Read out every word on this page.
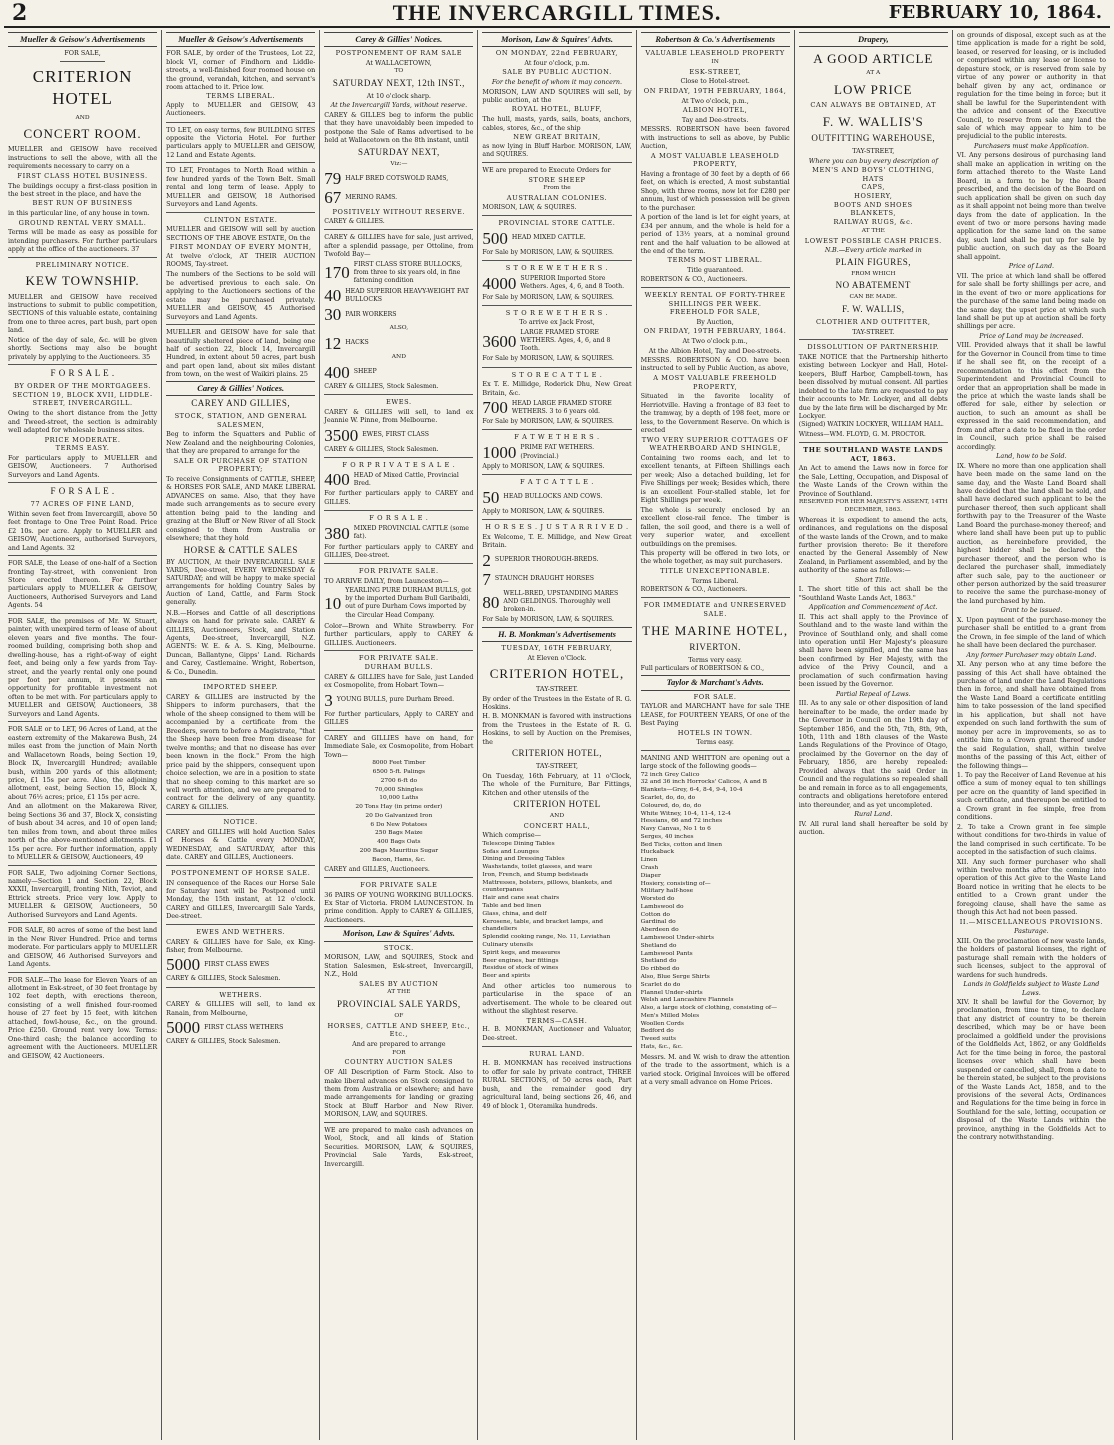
2	THE INVERCARGILL TIMES.	FEBRUARY 10, 1864.
Mueller & Geisow's Advertisements
FOR SALE,
CRITERION HOTEL
AND
CONCERT ROOM.

MUELLER and GEISOW have received instructions to sell the above, with all the requirements necessary to carry on a

FIRST CLASS HOTEL BUSINESS.

The buildings occupy a first-class position in the best street in the place, and have the

BEST RUN OF BUSINESS

in this particular line, of any house in town.

GROUND RENTAL VERY SMALL.

Terms will be made as easy as possible for intending purchasers. For further particulars apply at the office of the auctioneers. 37

PRELIMINARY NOTICE.
KEW TOWNSHIP.

MUELLER and GEISOW have received instructions to submit to public competition, SECTIONS of this valuable estate, containing from one to three acres, part bush, part open land.

Notice of the day of sale, &c. will be given shortly. Sections may also be bought privately by applying to the Auctioneers. 35

F O R S A L E .
BY ORDER OF THE MORTGAGEES.
SECTION 19, BLOCK XVII, LIDDLE-STREET, INVERCARGILL.

Owing to the short distance from the Jetty and Tweed-street, the section is admirably well adapted for wholesale business sites.

PRICE MODERATE.
TERMS EASY.

For particulars apply to MUELLER and GEISOW, Auctioneers. 7 Authorised Surveyors and Land Agents.

F O R S A L E .
77 ACRES OF FINE LAND,

Within seven feet from Invercargill, above 50 feet frontage to One Tree Point Road. Price £2 10s. per acre. Apply to MUELLER and GEISOW, Auctioneers, authorised Surveyors, and Land Agents. 32

FOR SALE, the Lease of one-half of a Section fronting Tay-street, with convenient Iron Store erected thereon. For further particulars apply to MUELLER & GEISOW, Auctioneers, Authorised Surveyors and Land Agents. 54

FOR SALE, the premises of Mr. W. Stuart, painter, with unexpired term of lease of about eleven years and five months. The four-roomed building, comprising both shop and dwelling-house, has a right-of-way of eight feet, and being only a few yards from Tay-street, and the yearly rental only one pound per foot per annum, it presents an opportunity for profitable investment not often to be met with. For particulars apply to MUELLER and GEISOW, Auctioneers, 38 Surveyors and Land Agents.

FOR SALE or to LET, 96 Acres of Land, at the eastern extremity of the Makarewa Bush, 24 miles east from the junction of Main North and Wallacetown Roads, being Section 19, Block IX, Invercargill Hundred; available bush, within 200 yards of this allotment; price, £1 15s per acre. Also, the adjoining allotment, east, being Section 15, Block X, about 76½ acres; price, £1 15s per acre.

And an allotment on the Makarewa River, being Sections 36 and 37, Block X, consisting of bush about 34 acres, and 10 of open land; ten miles from town, and about three miles north of the above-mentioned allotments. £1 15s per acre. For further information, apply to MUELLER & GEISOW, Auctioneers, 49

FOR SALE, Two adjoining Corner Sections, namely—Section 1 and Section 22, Block XXXII, Invercargill, fronting Nith, Teviot, and Ettrick streets. Price very low. Apply to MUELLER & GEISOW, Auctioneers, 50 Authorised Surveyors and Land Agents.

FOR SALE, 80 acres of some of the best land in the New River Hundred. Price and terms moderate. For particulars apply to MUELLER and GEISOW, 46 Authorised Surveyors and Land Agents.

FOR SALE—The lease for Eleven Years of an allotment in Esk-street, of 30 feet frontage by 102 feet depth, with erections thereon, consisting of a well finished four-roomed house of 27 feet by 15 feet, with kitchen attached, fowl-house, &c., on the ground. Price £250. Ground rent very low. Terms: One-third cash; the balance according to agreement with the Auctioneers. MUELLER and GEISOW, 42 Auctioneers.

Mueller & Geisow's Advertisements

FOR SALE, by order of the Trustees, Lot 22, block VI, corner of Findhorn and Liddle-streets, a well-finished four roomed house on the ground, verandah, kitchen, and servant's room attached to it. Price low.

TERMS LIBERAL.

Apply to MUELLER and GEISOW, 43 Auctioneers.

TO LET, on easy terms, few BUILDING SITES opposite the Victoria Hotel. For further particulars apply to MUELLER and GEISOW, 12 Land and Estate Agents.

TO LET, Frontages to North Road within a few hundred yards of the Town Belt. Small rental and long term of lease. Apply to MUELLER and GEISOW, 18 Authorised Surveyors and Land Agents.

CLINTON ESTATE.

MUELLER and GEISOW will sell by auction SECTIONS OF THE ABOVE ESTATE, On the

FIRST MONDAY OF EVERY MONTH,

At twelve o'clock, AT THEIR AUCTION ROOMS, Tay-street.

The numbers of the Sections to be sold will be advertised previous to each sale. On applying to the Auctioneers sections of the estate may be purchased privately. MUELLER and GEISOW, 45 Authorised Surveyors and Land Agents.

MUELLER and GEISOW have for sale that beautifully sheltered piece of land, being one half of section 22, block 14, Invercargill Hundred, in extent about 50 acres, part bush and part open land, about six miles distant from town, on the west of Waikiri plains. 25

Carey & Gillies' Notices.
CAREY AND GILLIES,
STOCK, STATION, AND GENERAL SALESMEN,

Beg to inform the Squatters and Public of New Zealand and the neighbouring Colonies, that they are prepared to arrange for the

SALE OR PURCHASE OF STATION PROPERTY;

To receive Consignments of CATTLE, SHEEP, & HORSES FOR SALE, AND MAKE LIBERAL ADVANCES on same. Also, that they have made such arrangements as to secure every attention being paid to the landing and grazing at the Bluff or New River of all Stock consigned to them from Australia or elsewhere; that they hold

HORSE & CATTLE SALES

BY AUCTION, At their INVERCARGILL SALE YARDS, Dee-street, EVERY WEDNESDAY & SATURDAY; and will be happy to make special arrangements for holding Country Sales by Auction of Land, Cattle, and Farm Stock generally.

N.B.—Horses and Cattle of all descriptions always on hand for private sale. CAREY & GILLIES, Auctioneers, Stock, and Station Agents, Dee-street, Invercargill, N.Z. AGENTS: W. E. & A. S. King, Melbourne. Duncan, Ballantyne, Gipps' Land. Richards and Carey, Castlemaine. Wright, Robertson, & Co., Dunedin.

IMPORTED SHEEP.

CAREY & GILLIES are instructed by the Shippers to inform purchasers, that the whole of the sheep consigned to them will be accompanied by a certificate from the Breeders, sworn to before a Magistrate, "that the Sheep have been free from disease for twelve months; and that no disease has ever been known in the flock." From the high price paid by the shippers, consequent upon choice selection, we are in a position to state that no sheep coming to this market are so well worth attention, and we are prepared to contract for the delivery of any quantity. CAREY & GILLIES.

NOTICE.

CAREY and GILLIES will hold Auction Sales of Horses & Cattle every MONDAY, WEDNESDAY, and SATURDAY, after this date. CAREY and GILLES, Auctioneers.

POSTPONEMENT OF HORSE SALE.

IN consequence of the Races our Horse Sale for Saturday next will be Postponed until Monday, the 15th instant, at 12 o'clock. CAREY and GILLES, Invercargill Sale Yards, Dee-street.

EWES AND WETHERS.

CAREY & GILLIES have for Sale, ex King-fisher, from Melbourne.

5000 FIRST CLASS EWES

CAREY & GILLIES, Stock Salesmen.

WETHERS.

CAREY & GILLIES will sell, to land ex Ranain, from Melbourne,

5000 FIRST CLASS WETHERS

CAREY & GILLIES, Stock Salesmen.

Carey & Gillies' Notices.
POSTPONEMENT OF RAM SALE
At WALLACETOWN,
TO
SATURDAY NEXT, 12th INST.,
At 10 o'clock sharp.
At the Invercargill Yards, without reserve.

CAREY & GILLES beg to inform the public that they have unavoidably been impeded to postpone the Sale of Rams advertised to be held at Wallacetown on the 8th instant, until

SATURDAY NEXT,
Viz:—
79 HALF BRED COTSWOLD RAMS,
67 MERINO RAMS.
POSITIVELY WITHOUT RESERVE.

CAREY & GILLIES.

CAREY & GILLIES have for sale, just arrived, after a splendid passage, per Ottoline, from Twofold Bay—

170 FIRST CLASS STORE BULLOCKS, from three to six years old, in fine fattening condition
40 HEAD SUPERIOR HEAVY-WEIGHT FAT BULLOCKS
30 PAIR WORKERS
ALSO,
12 HACKS
AND
400 SHEEP

CAREY & GILLIES, Stock Salesmen.

EWES.

CAREY & GILLIES will sell, to land ex Jeannie W. Pinne, from Melbourne.

3500 EWES, FIRST CLASS

CAREY & GILLIES, Stock Salesmen.

F O R P R I V A T E S A L E .
400 HEAD of Mixed Cattle, Provincial Bred.

For further particulars apply to CAREY and GILLES.

F O R S A L E .
380 MIXED PROVINCIAL CATTLE (some fat).

For further particulars apply to CAREY and GILLIES, Dee-street.

FOR PRIVATE SALE.

TO ARRIVE DAILY, from Launceston—

10
YEARLING PURE DURHAM BULLS, got by the imported Durham Bull Garibaldi, out of pure Durham Cows imported by the Circular Head Company.

Color—Brown and White Strawberry. For further particulars, apply to CAREY & GILLIES. Auctioneers.

FOR PRIVATE SALE.
DURHAM BULLS.

CAREY & GILLIES have for Sale, just Landed ex Cosmopolite, from Hobart Town—

3 YOUNG BULLS, pure Durham Breed.

For further particulars, Apply to CAREY and GILLES

CAREY and GILLIES have on hand, for Immediate Sale, ex Cosmopolite, from Hobart Town—

8000 Feet Timber
6500 5-ft. Palings
2700 6-ft do
70,000 Shingles
10,000 Laths
20 Tons Hay (in prime order)
20 Do Galvanized Iron
6 Do New Potatoes
250 Bags Maize
400 Bags Oats
200 Bags Mauritius Sugar
Bacon, Hams, &c.

CAREY and GILLES, Auctioneers.

FOR PRIVATE SALE

36 PAIRS OF YOUNG WORKING BULLOCKS. Ex Star of Victoria. FROM LAUNCESTON. In prime condition. Apply to CAREY & GILLIES, Auctioneers.

Morison, Law & Squires' Advts.
STOCK.

MORISON, LAW, and SQUIRES, Stock and Station Salesmen, Esk-street, Invercargill, N.Z., Hold

SALES BY AUCTION
AT THE
PROVINCIAL SALE YARDS,
OF
HORSES, CATTLE AND SHEEP, Etc., Etc.,
And are prepared to arrange
FOR
COUNTRY AUCTION SALES

OF All Description of Farm Stock. Also to make liberal advances on Stock consigned to them from Australia or elsewhere; and have made arrangements for landing or grazing Stock at Bluff Harbor and New River. MORISON, LAW, and SQUIRES.

WE are prepared to make cash advances on Wool, Stock, and all kinds of Station Securities. MORISON, LAW, & SQUIRES, Provincial Sale Yards, Esk-street, Invercargill.

Morison, Law & Squires' Advts.
ON MONDAY, 22nd FEBRUARY,
At four o'clock, p.m.
SALE BY PUBLIC AUCTION.
For the benefit of whom it may concern.

MORISON, LAW AND SQUIRES will sell, by public auction, at the

ROYAL HOTEL, BLUFF,

The hull, masts, yards, sails, boats, anchors, cables, stores, &c., of the ship

NEW GREAT BRITAIN,

as now lying in Bluff Harbor. MORISON, LAW, and SQUIRES.

WE are prepared to Execute Orders for

STORE SHEEP
From the
AUSTRALIAN COLONIES.

MORISON, LAW, & SQUIRES.

PROVINCIAL STORE CATTLE.
500 HEAD MIXED CATTLE.

For Sale by MORISON, LAW, & SQUIRES.

S T O R E W E T H E R S .
4000 SUPERIOR Imported Store Wethers. Ages, 4, 6, and 8 Tooth.

For Sale by MORISON, LAW, & SQUIRES.

S T O R E W E T H E R S .
To arrive ex Jack Frost,
3600 LARGE FRAMED STORE WETHERS. Ages, 4, 6, and 8 Tooth.

For Sale by MORISON, LAW, & SQUIRES.

S T O R E C A T T L E .

Ex T. E. Millidge, Roderick Dhu, New Great Britain, &c.

700 HEAD LARGE FRAMED STORE WETHERS. 3 to 6 years old.

For Sale by MORISON, LAW, & SQUIRES.

F A T W E T H E R S .
1000 PRIME FAT WETHERS. (Provincial.)

Apply to MORISON, LAW, & SQUIRES.

F A T C A T T L E .
50 HEAD BULLOCKS AND COWS.

Apply to MORISON, LAW, & SQUIRES.

H O R S E S . J U S T A R R I V E D .

Ex Welcome, T. E. Millidge, and New Great Britain.

2 SUPERIOR THOROUGH-BREDS.
7 STAUNCH DRAUGHT HORSES
80 WELL-BRED, UPSTANDING MARES AND GELDINGS. Thoroughly well broken-in.

For Sale by MORISON, LAW, & SQUIRES.

H. B. Monkman's Advertisements
TUESDAY, 16TH FEBRUARY,
At Eleven o'Clock.
CRITERION HOTEL,
TAY-STREET.

By order of the Trustees in the Estate of R. G. Hoskins.

H. B. MONKMAN is favored with instructions from the Trustees in the Estate of R. G. Hoskins, to sell by Auction on the Premises, the

CRITERION HOTEL,
TAY-STREET,

On Tuesday, 16th February, at 11 o'Clock, The whole of the Furniture, Bar Fittings, Kitchen and other utensils of the

CRITERION HOTEL
AND
CONCERT HALL,

Which comprise—

Telescope Dining Tables
Sofas and Lounges
Dining and Dressing Tables
Washstands, toilet glasses, and ware
Iron, French, and Stump bedsteads
Mattresses, bolsters, pillows, blankets, and counterpanes
Hair and cane seat chairs
Table and bed linen
Glass, china, and delf
Kerosene, table, and bracket lamps, and chandeliers
Splendid cooking range, No. 11, Leviathan
Culinary utensils
Spirit kegs, and measures
Beer engines, bar fittings
Residue of stock of wines
Beer and spirits

And other articles too numerous to particularise in the space of an advertisement. The whole to be cleared out without the slightest reserve.

TERMS—CASH.

H. B. MONKMAN, Auctioneer and Valuator, Dee-street.

RURAL LAND.

H. B. MONKMAN has received instructions to offer for sale by private contract, THREE RURAL SECTIONS, of 50 acres each, Part bush, and the remainder good dry agricultural land, being sections 26, 46, and 49 of block 1, Oteramika hundreds.

Robertson & Co.'s Advertisements
VALUABLE LEASEHOLD PROPERTY
IN
ESK-STREET,
Close to Hotel-street.
ON FRIDAY, 19TH FEBRUARY, 1864,
At Two o'clock, p.m.,
ALBION HOTEL,
Tay and Dee-streets.

MESSRS. ROBERTSON have been favored with instructions to sell as above, by Public Auction,

A MOST VALUABLE LEASEHOLD PROPERTY,

Having a frontage of 30 feet by a depth of 66 feet, on which is erected, A most substantial Shop, with three rooms, now let for £280 per annum, lust of which possession will be given to the purchaser.

A portion of the land is let for eight years, at £34 per annum, and the whole is held for a period of 13½ years, at a nominal ground rent and the half valuation to be allowed at the end of the term.

TERMS MOST LIBERAL.
Title guaranteed.

ROBERTSON & CO., Auctioneers.

WEEKLY RENTAL OF FORTY-THREE SHILLINGS PER WEEK.
FREEHOLD FOR SALE,
By Auction,
ON FRIDAY, 19TH FEBRUARY, 1864.
At Two o'clock p.m.,
At the Albion Hotel, Tay and Dee-streets.

MESSRS. ROBERTSON & CO. have been instructed to sell by Public Auction, as above,

A MOST VALUABLE FREEHOLD PROPERTY,

Situated in the favorite locality of Herriotville. Having a frontage of 83 feet to the tramway, by a depth of 198 feet, more or less, to the Government Reserve. On which is erected

TWO VERY SUPERIOR COTTAGES OF WEATHERBOARD AND SHINGLE,

Containing two rooms each, and let to excellent tenants, at Fifteen Shillings each per week; Also a detached building, let for Five Shillings per week; Besides which, there is an excellent Four-stalled stable, let for Eight Shillings per week.

The whole is securely enclosed by an excellent close-rail fence. The timber is fallen, the soil good, and there is a well of very superior water, and excellent outbuildings on the premises.

This property will be offered in two lots, or the whole together, as may suit purchasers.

TITLE UNEXCEPTIONABLE.
Terms Liberal.

ROBERTSON & CO., Auctioneers.

FOR IMMEDIATE and UNRESERVED SALE.
THE MARINE HOTEL,
RIVERTON.
Terms very easy.

Full particulars of ROBERTSON & CO.,

Taylor & Marchant's Advts.
FOR SALE.

TAYLOR and MARCHANT have for sale THE LEASE, for FOURTEEN YEARS, Of one of the Best Paying

HOTELS IN TOWN.
Terms easy.

MANING AND WHITTON are opening out a large stock of the following goods—

72 inch Grey Calico
32 and 36 inch Horrocks' Calicos, A and B
Blankets—Grey, 6-4, 8-4, 9-4, 10-4
Scarlet, do, do, do
Coloured, do, do, do
White Witney, 10-4, 11-4, 12-4
Hessians, 66 and 72 inches
Navy Canvas, No 1 to 6
Serges, 40 inches
Bed Ticks, cotton and linen
Huckaback
Linen
Crash
Diaper
Hosiery, consisting of—
Military half-hose
Worsted do
Lambswool do
Cotton do
Gardinal do
Aberdeen do
Lambswool Under-shirts
Shetland do
Lambswool Pants
Shetland do
Do ribbed do
Also, Blue Serge Shirts
Scarlet do do
Flannel Under-shirts
Welsh and Lancashire Flannels
Also, a large stock of clothing, consisting of—
Men's Milled Moles
Woollen Cords
Bedford do
Tweed suits
Hats, &c., &c.

Messrs. M. and W. wish to draw the attention of the trade to the assortment, which is a varied stock. Original Invoices will be offered at a very small advance on Home Prices.

Drapery,
A GOOD ARTICLE
AT A
LOW PRICE
CAN ALWAYS BE OBTAINED, AT
F. W. WALLIS'S
OUTFITTING WAREHOUSE,
TAY-STREET,
Where you can buy every description of
MEN'S AND BOYS' CLOTHING,
HATS
CAPS,
HOSIERY,
BOOTS AND SHOES
BLANKETS,
RAILWAY RUGS, &c.
AT THE
LOWEST POSSIBLE CASH PRICES.
N.B.—Every article marked in
PLAIN FIGURES,
FROM WHICH
NO ABATEMENT
CAN BE MADE.
F. W. WALLIS,
CLOTHIER AND OUTFITTER,
TAY-STREET.
DISSOLUTION OF PARTNERSHIP.

TAKE NOTICE that the Partnership hitherto existing between Lockyer and Hall, Hotel-keepers, Bluff Harbor, Campbell-town, has been dissolved by mutual consent. All parties indebted to the late firm are requested to pay their accounts to Mr. Lockyer, and all debts due by the late firm will be discharged by Mr. Lockyer.

(Signed) WATKIN LOCKYER, WILLIAM HALL.

Witness—WM. FLOYD, G. M. PROCTOR.

THE SOUTHLAND WASTE LANDS ACT, 1863.

An Act to amend the Laws now in force for the Sale, Letting, Occupation, and Disposal of the Waste Lands of the Crown within the Province of Southland.

RESERVED FOR HER MAJESTY'S ASSENT, 14TH DECEMBER, 1863.

Whereas it is expedient to amend the acts, ordinances, and regulations on the disposal of the waste lands of the Crown, and to make further provision thereto: Be it therefore enacted by the General Assembly of New Zealand, in Parliament assembled, and by the authority of the same as follows:—

Short Title.

I. The short title of this act shall be the "Southland Waste Lands Act, 1863."

Application and Commencement of Act.

II. This act shall apply to the Province of Southland and to the waste land within the Province of Southland only, and shall come into operation until Her Majesty's pleasure shall have been signified, and the same has been confirmed by Her Majesty, with the advice of the Privy Council, and a proclamation of such confirmation having been issued by the Governor.

Partial Repeal of Laws.

III. As to any sale or other disposition of land hereinafter to be made, the order made by the Governor in Council on the 19th day of September 1856, and the 5th, 7th, 8th, 9th, 10th, 11th and 18th clauses of the Waste Lands Regulations of the Province of Otago, proclaimed by the Governor on the day of February, 1856, are hereby repealed: Provided always that the said Order in Council and the regulations so repealed shall be and remain in force as to all engagements, contracts and obligations heretofore entered into thereunder, and as yet uncompleted.

Rural Land.

IV. All rural land shall hereafter be sold by auction.

on grounds of disposal, except such as at the time application is made for a right be sold, leased, or reserved for leasing, or is included or comprised within any lease or license to depasture stock, or is reserved from sale by virtue of any power or authority in that behalf given by any act, ordinance or regulation for the time being in force; but it shall be lawful for the Superintendent with the advice and consent of the Executive Council, to reserve from sale any land the sale of which may appear to him to be prejudicial to the public interests.

Purchasers must make Application.

VI. Any persons desirous of purchasing land shall make an application in writing on the form attached thereto to the Waste Land Board, in a form to be by the Board prescribed, and the decision of the Board on such application shall be given on such day as it shall appoint not being more than twelve days from the date of application. In the event of two or more persons having made application for the same land on the same day, such land shall be put up for sale by public auction, on such day as the Board shall appoint.

Price of Land.

VII. The price at which land shall be offered for sale shall be forty shillings per acre, and in the event of two or more applications for the purchase of the same land being made on the same day, the upset price at which such land shall be put up at auction shall be forty shillings per acre.

Price of Land may be increased.

VIII. Provided always that it shall be lawful for the Governor in Council from time to time if he shall see fit, on the receipt of a recommendation to this effect from the Superintendent and Provincial Council to order that an appropriation shall be made in the price at which the waste lands shall be offered for sale, either by selection or auction, to such an amount as shall be expressed in the said recommendation, and from and after a date to be fixed in the order in Council, such price shall be raised accordingly.

Land, how to be Sold.

IX. Where no more than one application shall have been made on the same land on the same day, and the Waste Land Board shall have decided that the land shall be sold, and shall have declared such applicant to be the purchaser thereof, then such applicant shall forthwith pay to the Treasurer of the Waste Land Board the purchase-money thereof; and where land shall have been put up to public auction, as hereinbefore provided, the highest bidder shall be declared the purchaser thereof, and the person who is declared the purchaser shall, immediately after such sale, pay to the auctioneer or other person authorized by the said treasurer to receive the same the purchase-money of the land purchased by him.

Grant to be issued.

X. Upon payment of the purchase-money the purchaser shall be entitled to a grant from the Crown, in fee simple of the land of which he shall have been declared the purchaser.

Any former Purchaser may obtain Land.

XI. Any person who at any time before the passing of this Act shall have obtained the purchase of land under the Land Regulations then in force, and shall have obtained from the Waste Land Board a certificate entitling him to take possession of the land specified in his application, but shall not have expended on such land forthwith the sum of money per acre in improvements, so as to entitle him to a Crown grant thereof under the said Regulation, shall, within twelve months of the passing of this Act, either of the following things—

1. To pay the Receiver of Land Revenue at his office a sum of money equal to ten shillings per acre on the quantity of land specified in such certificate, and thereupon be entitled to a Crown grant in fee simple, free from conditions.

2. To take a Crown grant in fee simple without conditions for two-thirds in value of the land comprised in such certificate. To be accepted in the satisfaction of such claims.

XII. Any such former purchaser who shall within twelve months after the coming into operation of this Act give to the Waste Land Board notice in writing that he elects to be entitled to a Crown grant under the foregoing clause, shall have the same as though this Act had not been passed.

II.—MISCELLANEOUS PROVISIONS.
Pasturage.

XIII. On the proclamation of new waste lands, the holders of pastoral licenses, the right of pasturage shall remain with the holders of such licenses, subject to the approval of wardens for such hundreds.

Lands in Goldfields subject to Waste Land Laws.

XIV. It shall be lawful for the Governor, by proclamation, from time to time, to declare that any district of country to be therein described, which may be or have been proclaimed a goldfield under the provisions of the Goldfields Act, 1862, or any Goldfields Act for the time being in force, the pastoral licenses over which shall have been suspended or cancelled, shall, from a date to be therein stated, be subject to the provisions of the Waste Lands Act, 1858, and to the provisions of the several Acts, Ordinances and Regulations for the time being in force in Southland for the sale, letting, occupation or disposal of the Waste Lands within the province, anything in the Goldfields Act to the contrary notwithstanding.
